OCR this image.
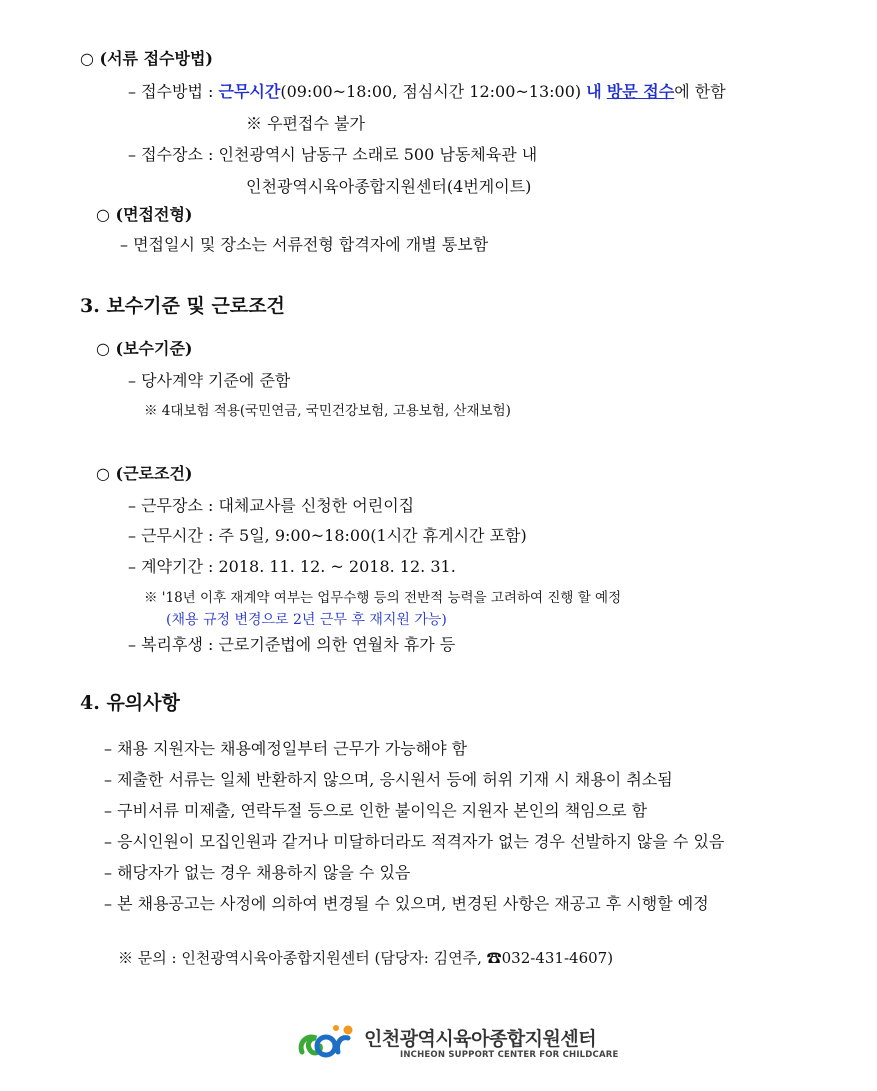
○ (서류 접수방법)
– 접수방법 : 근무시간(09:00~18:00, 점심시간 12:00~13:00) 내 방문 접수에 한함
※ 우편접수 불가
– 접수장소 : 인천광역시 남동구 소래로 500 남동체육관 내
인천광역시육아종합지원센터(4번게이트)
○ (면접전형)
– 면접일시 및 장소는 서류전형 합격자에 개별 통보함
3. 보수기준 및 근로조건
○ (보수기준)
– 당사계약 기준에 준함
※ 4대보험 적용(국민연금, 국민건강보험, 고용보험, 산재보험)
○ (근로조건)
– 근무장소 : 대체교사를 신청한 어린이집
– 근무시간 : 주 5일, 9:00~18:00(1시간 휴게시간 포함)
– 계약기간 : 2018. 11. 12. ~ 2018. 12. 31.
※ '18년 이후 재계약 여부는 업무수행 등의 전반적 능력을 고려하여 진행 할 예정
(채용 규정 변경으로 2년 근무 후 재지원 가능)
– 복리후생 : 근로기준법에 의한 연월차 휴가 등
4. 유의사항
– 채용 지원자는 채용예정일부터 근무가 가능해야 함
– 제출한 서류는 일체 반환하지 않으며, 응시원서 등에 허위 기재 시 채용이 취소됨
– 구비서류 미제출, 연락두절 등으로 인한 불이익은 지원자 본인의 책임으로 함
– 응시인원이 모집인원과 같거나 미달하더라도 적격자가 없는 경우 선발하지 않을 수 있음
– 해당자가 없는 경우 채용하지 않을 수 있음
– 본 채용공고는 사정에 의하여 변경될 수 있으며, 변경된 사항은 재공고 후 시행할 예정
※ 문의 : 인천광역시육아종합지원센터 (담당자: 김연주, ☎032-431-4607)
인천광역시육아종합지원센터
INCHEON SUPPORT CENTER FOR CHILDCARE
